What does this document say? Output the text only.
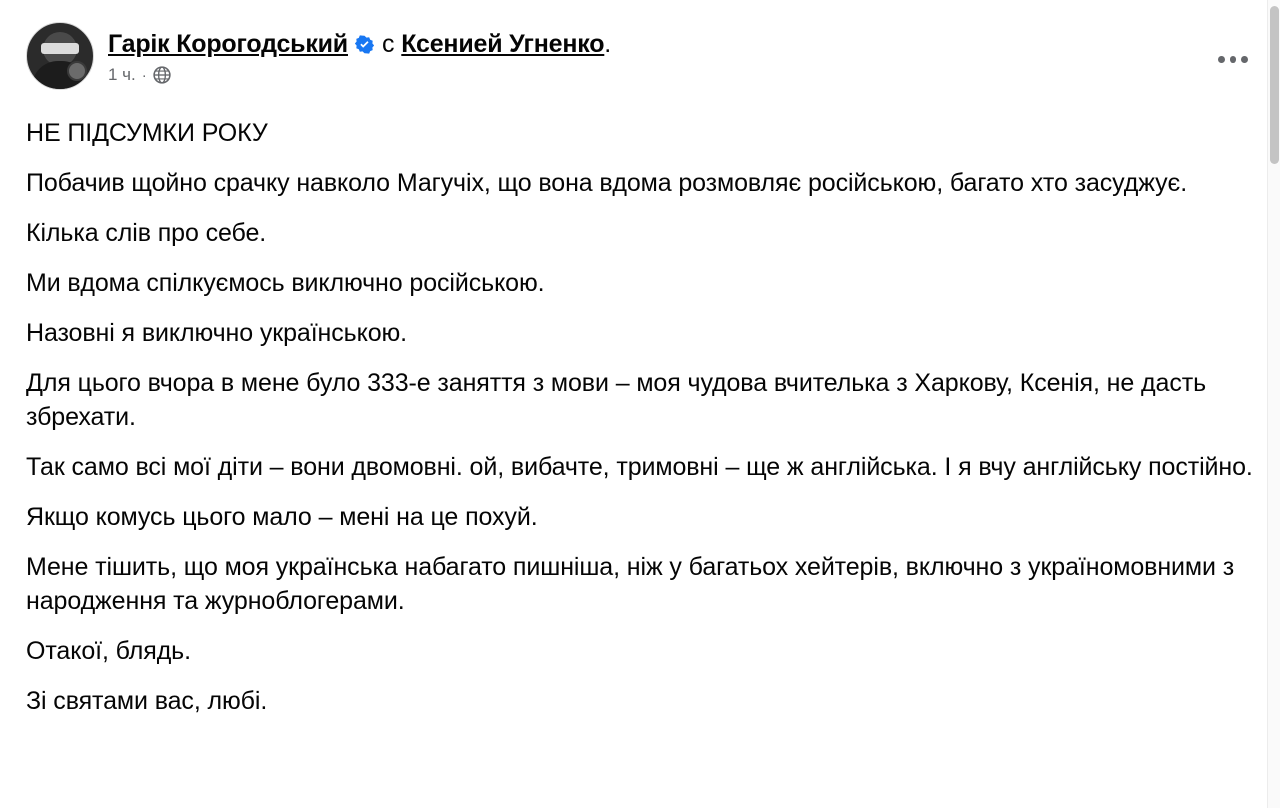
Гарік Корогодський с Ксенией Угненко .
1 ч. ·

НЕ ПІДСУМКИ РОКУ

Побачив щойно срачку навколо Магучіх, що вона вдома розмовляє російською, багато хто засуджує.

Кілька слів про себе.

Ми вдома спілкуємось виключно російською.

Назовні я виключно українською.

Для цього вчора в мене було 333-е заняття з мови – моя чудова вчителька з Харкову, Ксенія, не дасть збрехати.

Так само всі мої діти – вони двомовні. ой, вибачте, тримовні – ще ж англійська. І я вчу англійську постійно.

Якщо комусь цього мало – мені на це похуй.

Мене тішить, що моя українська набагато пишніша, ніж у багатьох хейтерів, включно з україномовними з народження та журноблогерами.

Отакої, блядь.

Зі святами вас, любі.
